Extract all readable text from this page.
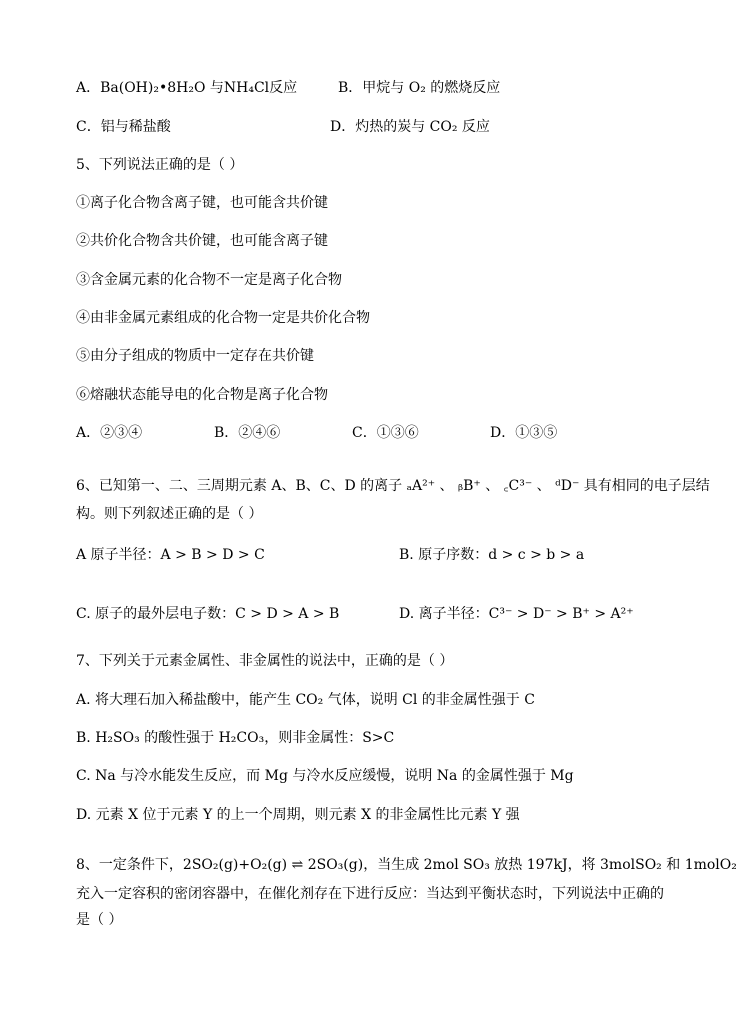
A．Ba(OH)₂•8H₂O 与NH₄Cl反应	B．甲烷与 O₂ 的燃烧反应
C．铝与稀盐酸	D．灼热的炭与 CO₂ 反应
5、下列说法正确的是（ ）
①离子化合物含离子键，也可能含共价键
②共价化合物含共价键，也可能含离子键
③含金属元素的化合物不一定是离子化合物
④由非金属元素组成的化合物一定是共价化合物
⑤由分子组成的物质中一定存在共价键
⑥熔融状态能导电的化合物是离子化合物
A．②③④	B．②④⑥	C．①③⑥	D．①③⑤
6、已知第一、二、三周期元素 A、B、C、D 的离子 ₐA²⁺ 、 ᵦB⁺ 、 ꜀C³⁻ 、 ᵈD⁻ 具有相同的电子层结
构。则下列叙述正确的是（ ）
A 原子半径：A > B > D > C	B. 原子序数：d > c > b > a
C. 原子的最外层电子数：C > D > A > B	D. 离子半径：C³⁻ > D⁻ > B⁺ > A²⁺
7、下列关于元素金属性、非金属性的说法中，正确的是（ ）
A. 将大理石加入稀盐酸中，能产生 CO₂ 气体，说明 Cl 的非金属性强于 C
B. H₂SO₃ 的酸性强于 H₂CO₃，则非金属性：S>C
C. Na 与冷水能发生反应，而 Mg 与冷水反应缓慢，说明 Na 的金属性强于 Mg
D. 元素 X 位于元素 Y 的上一个周期，则元素 X 的非金属性比元素 Y 强
8、一定条件下，2SO₂(g)+O₂(g) ⇌ 2SO₃(g)，当生成 2mol SO₃ 放热 197kJ，将 3molSO₂ 和 1molO₂
充入一定容积的密闭容器中，在催化剂存在下进行反应：当达到平衡状态时，下列说法中正确的
是（ ）
